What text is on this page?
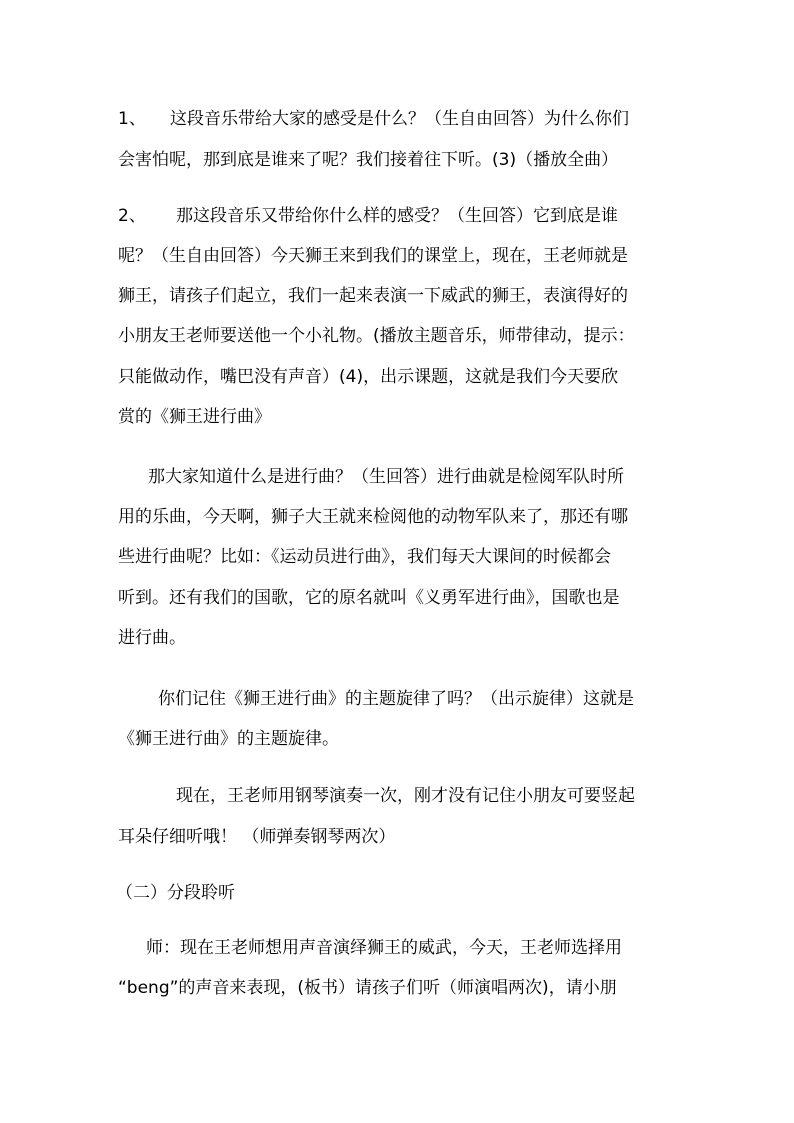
1、 这段音乐带给大家的感受是什么？（生自由回答）为什么你们
会害怕呢，那到底是谁来了呢？我们接着往下听。(3)（播放全曲）
2、 那这段音乐又带给你什么样的感受？（生回答）它到底是谁
呢？（生自由回答）今天狮王来到我们的课堂上，现在，王老师就是
狮王，请孩子们起立，我们一起来表演一下威武的狮王，表演得好的
小朋友王老师要送他一个小礼物。(播放主题音乐，师带律动，提示：
只能做动作，嘴巴没有声音）(4)，出示课题，这就是我们今天要欣
赏的《狮王进行曲》
那大家知道什么是进行曲？（生回答）进行曲就是检阅军队时所
用的乐曲，今天啊，狮子大王就来检阅他的动物军队来了，那还有哪
些进行曲呢？比如：《运动员进行曲》，我们每天大课间的时候都会
听到。还有我们的国歌，它的原名就叫《义勇军进行曲》，国歌也是
进行曲。
你们记住《狮王进行曲》的主题旋律了吗？（出示旋律）这就是
《狮王进行曲》的主题旋律。
现在，王老师用钢琴演奏一次，刚才没有记住小朋友可要竖起
耳朵仔细听哦！ （师弹奏钢琴两次）
（二）分段聆听
师：现在王老师想用声音演绎狮王的威武，今天，王老师选择用
“beng”的声音来表现，(板书）请孩子们听（师演唱两次)，请小朋
